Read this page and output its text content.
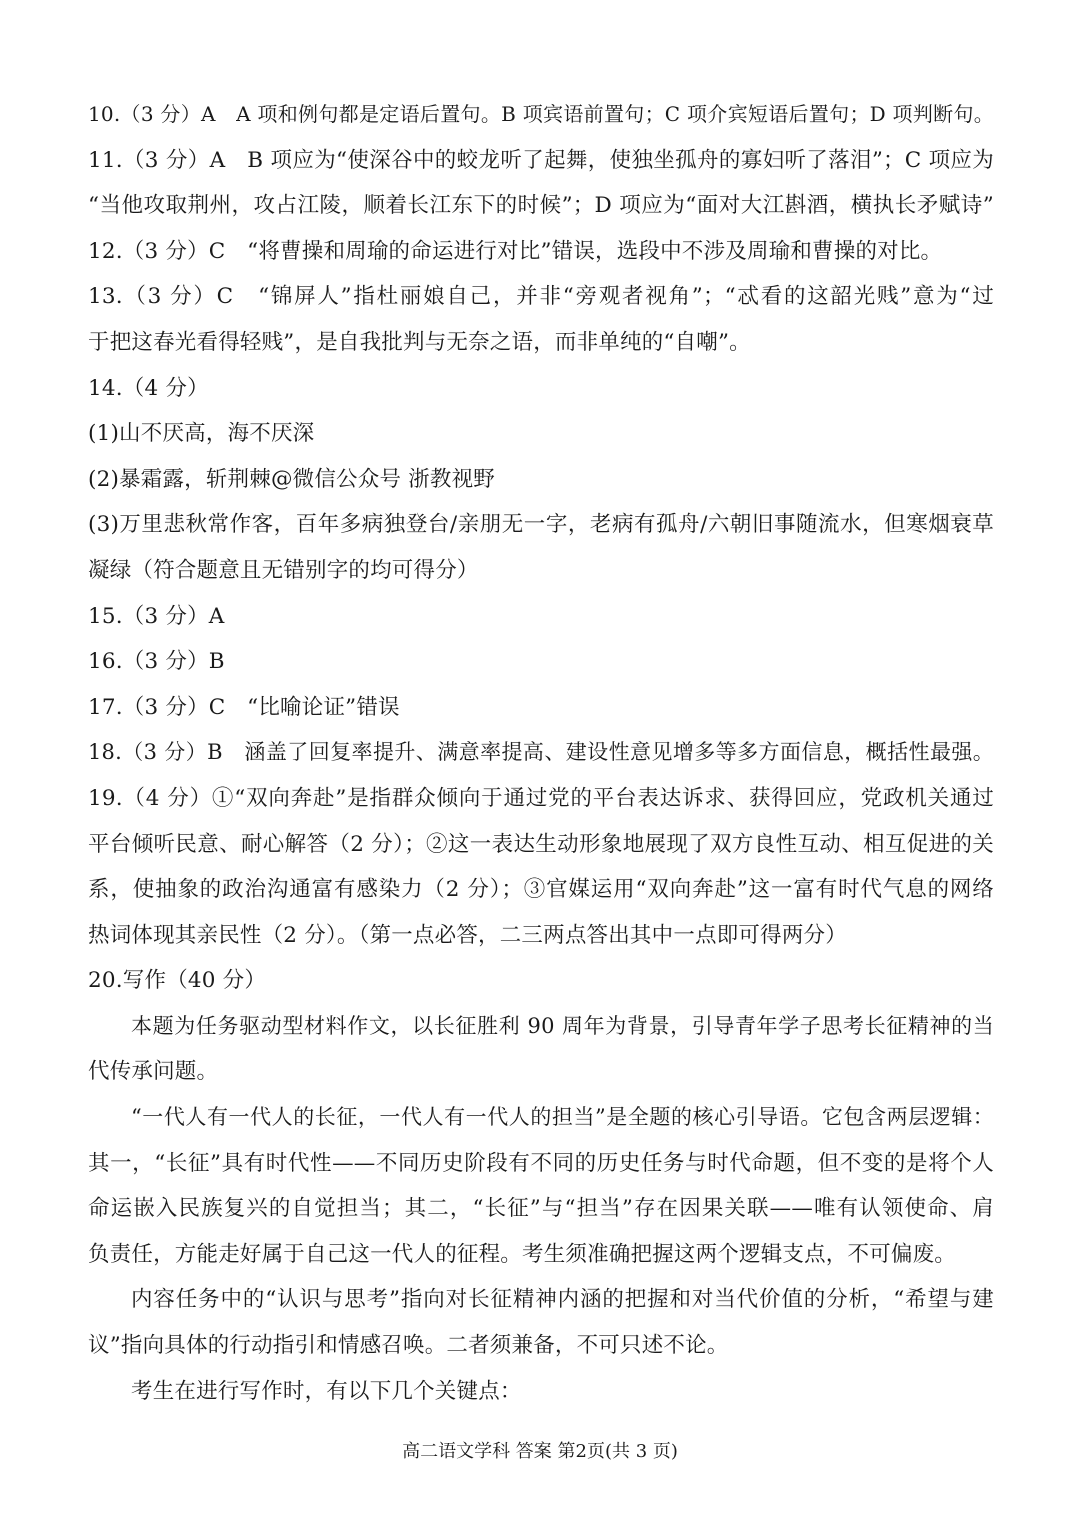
10.（3 分）A　A 项和例句都是定语后置句。B 项宾语前置句；C 项介宾短语后置句；D 项判断句。
11.（3 分）A　B 项应为“使深谷中的蛟龙听了起舞，使独坐孤舟的寡妇听了落泪”；C 项应为
“当他攻取荆州，攻占江陵，顺着长江东下的时候”；D 项应为“面对大江斟酒，横执长矛赋诗”
12.（3 分）C　“将曹操和周瑜的命运进行对比”错误，选段中不涉及周瑜和曹操的对比。
13.（3 分）C　“锦屏人”指杜丽娘自己，并非“旁观者视角”；“忒看的这韶光贱”意为“过
于把这春光看得轻贱”，是自我批判与无奈之语，而非单纯的“自嘲”。
14.（4 分）
(1)山不厌高，海不厌深
(2)暴霜露，斩荆棘@微信公众号 浙教视野
(3)万里悲秋常作客，百年多病独登台/亲朋无一字，老病有孤舟/六朝旧事随流水，但寒烟衰草
凝绿（符合题意且无错别字的均可得分）
15.（3 分）A
16.（3 分）B
17.（3 分）C　“比喻论证”错误
18.（3 分）B　涵盖了回复率提升、满意率提高、建设性意见增多等多方面信息，概括性最强。
19.（4 分）①“双向奔赴”是指群众倾向于通过党的平台表达诉求、获得回应，党政机关通过
平台倾听民意、耐心解答（2 分）；②这一表达生动形象地展现了双方良性互动、相互促进的关
系，使抽象的政治沟通富有感染力（2 分）；③官媒运用“双向奔赴”这一富有时代气息的网络
热词体现其亲民性（2 分）。（第一点必答，二三两点答出其中一点即可得两分）
20.写作（40 分）
本题为任务驱动型材料作文，以长征胜利 90 周年为背景，引导青年学子思考长征精神的当
代传承问题。
“一代人有一代人的长征，一代人有一代人的担当”是全题的核心引导语。它包含两层逻辑：
其一，“长征”具有时代性——不同历史阶段有不同的历史任务与时代命题，但不变的是将个人
命运嵌入民族复兴的自觉担当；其二，“长征”与“担当”存在因果关联——唯有认领使命、肩
负责任，方能走好属于自己这一代人的征程。考生须准确把握这两个逻辑支点，不可偏废。
内容任务中的“认识与思考”指向对长征精神内涵的把握和对当代价值的分析，“希望与建
议”指向具体的行动指引和情感召唤。二者须兼备，不可只述不论。
考生在进行写作时，有以下几个关键点：
高二语文学科 答案 第2页(共 3 页)
